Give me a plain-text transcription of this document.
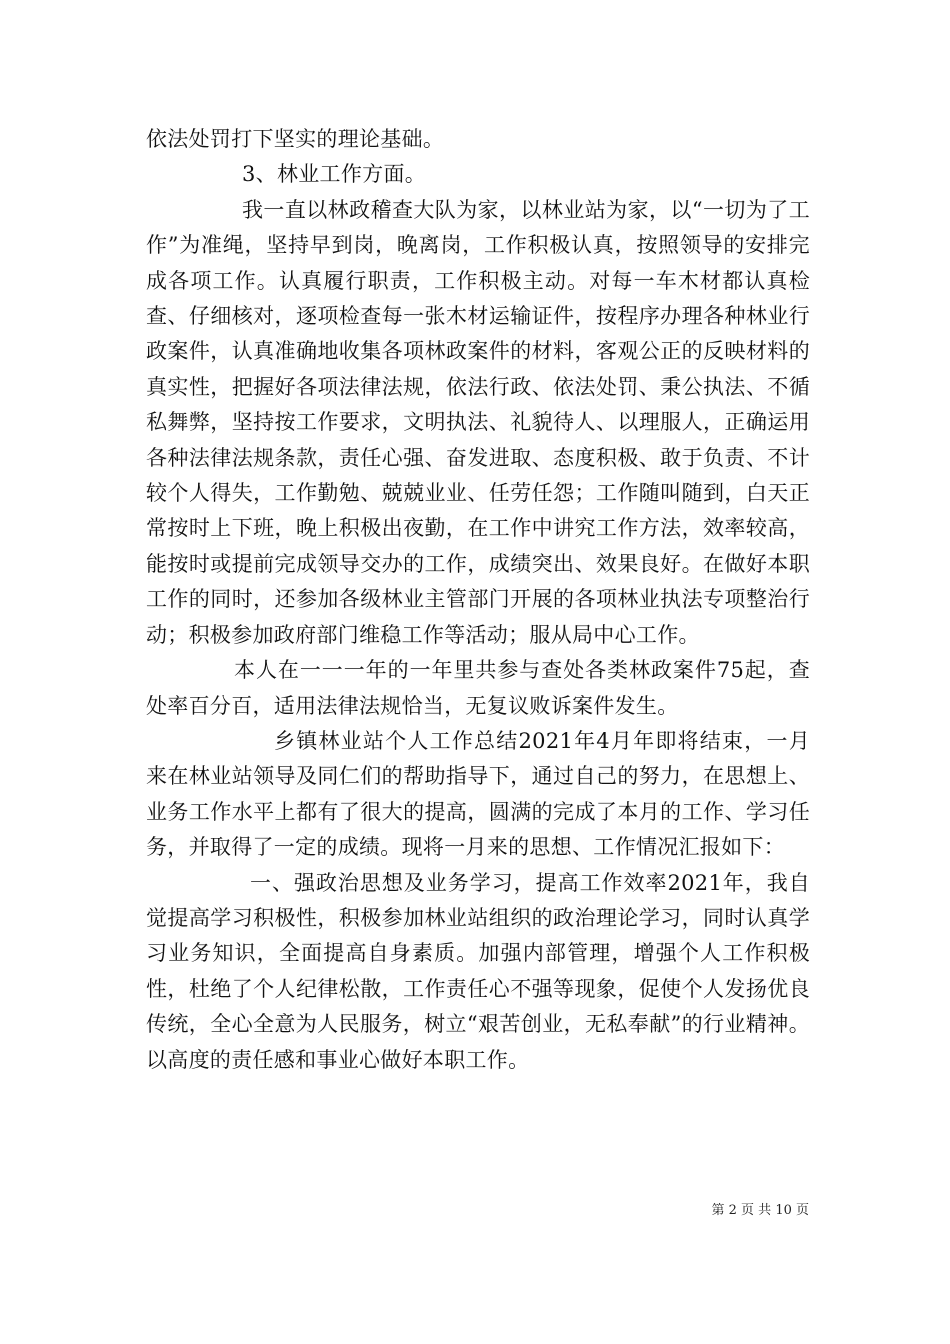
依法处罚打下坚实的理论基础。

3、林业工作方面。

我一直以林政稽查大队为家，以林业站为家，以“一切为了工作”为准绳，坚持早到岗，晚离岗，工作积极认真，按照领导的安排完成各项工作。认真履行职责，工作积极主动。对每一车木材都认真检查、仔细核对，逐项检查每一张木材运输证件，按程序办理各种林业行政案件，认真准确地收集各项林政案件的材料，客观公正的反映材料的真实性，把握好各项法律法规，依法行政、依法处罚、秉公执法、不循私舞弊，坚持按工作要求，文明执法、礼貌待人、以理服人，正确运用各种法律法规条款，责任心强、奋发进取、态度积极、敢于负责、不计较个人得失，工作勤勉、兢兢业业、任劳任怨；工作随叫随到，白天正常按时上下班，晚上积极出夜勤，在工作中讲究工作方法，效率较高，能按时或提前完成领导交办的工作，成绩突出、效果良好。在做好本职工作的同时，还参加各级林业主管部门开展的各项林业执法专项整治行动；积极参加政府部门维稳工作等活动；服从局中心工作。

本人在一一一年的一年里共参与查处各类林政案件75起，查处率百分百，适用法律法规恰当，无复议败诉案件发生。

乡镇林业站个人工作总结2021年4月年即将结束，一月来在林业站领导及同仁们的帮助指导下，通过自己的努力，在思想上、业务工作水平上都有了很大的提高，圆满的完成了本月的工作、学习任务，并取得了一定的成绩。现将一月来的思想、工作情况汇报如下：

一、强政治思想及业务学习，提高工作效率2021年，我自觉提高学习积极性，积极参加林业站组织的政治理论学习，同时认真学习业务知识，全面提高自身素质。加强内部管理，增强个人工作积极性，杜绝了个人纪律松散，工作责任心不强等现象，促使个人发扬优良传统，全心全意为人民服务，树立“艰苦创业，无私奉献”的行业精神。以高度的责任感和事业心做好本职工作。

第 2 页 共 10 页
